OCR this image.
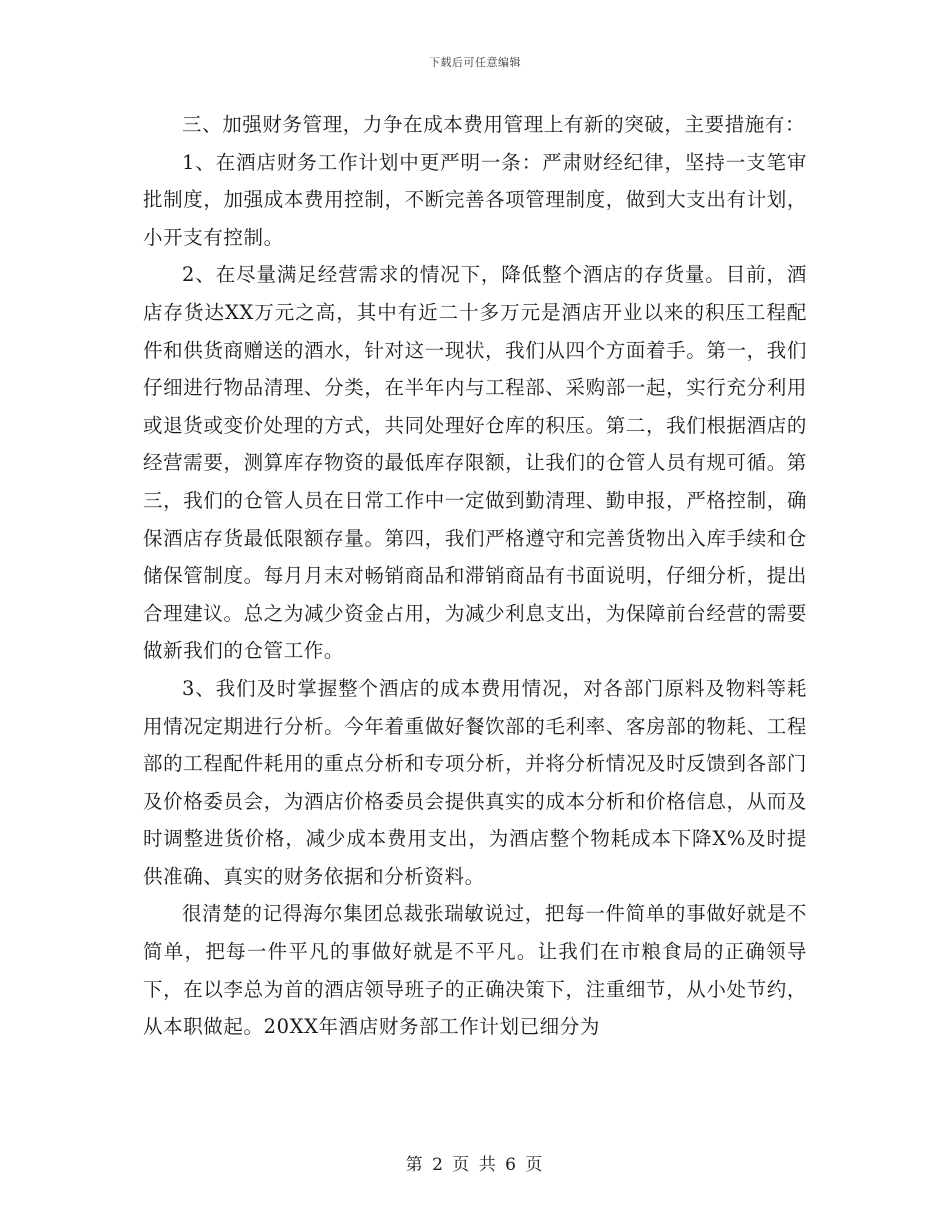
下载后可任意编辑

三、加强财务管理，力争在成本费用管理上有新的突破，主要措施有：

1、在酒店财务工作计划中更严明一条：严肃财经纪律，坚持一支笔审批制度，加强成本费用控制，不断完善各项管理制度，做到大支出有计划，小开支有控制。

2、在尽量满足经营需求的情况下，降低整个酒店的存货量。目前，酒店存货达XX万元之高，其中有近二十多万元是酒店开业以来的积压工程配件和供货商赠送的酒水，针对这一现状，我们从四个方面着手。第一，我们仔细进行物品清理、分类，在半年内与工程部、采购部一起，实行充分利用或退货或变价处理的方式，共同处理好仓库的积压。第二，我们根据酒店的经营需要，测算库存物资的最低库存限额，让我们的仓管人员有规可循。第三，我们的仓管人员在日常工作中一定做到勤清理、勤申报，严格控制，确保酒店存货最低限额存量。第四，我们严格遵守和完善货物出入库手续和仓储保管制度。每月月末对畅销商品和滞销商品有书面说明，仔细分析，提出合理建议。总之为减少资金占用，为减少利息支出，为保障前台经营的需要做新我们的仓管工作。

3、我们及时掌握整个酒店的成本费用情况，对各部门原料及物料等耗用情况定期进行分析。今年着重做好餐饮部的毛利率、客房部的物耗、工程部的工程配件耗用的重点分析和专项分析，并将分析情况及时反馈到各部门及价格委员会，为酒店价格委员会提供真实的成本分析和价格信息，从而及时调整进货价格，减少成本费用支出，为酒店整个物耗成本下降X%及时提供准确、真实的财务依据和分析资料。

很清楚的记得海尔集团总裁张瑞敏说过，把每一件简单的事做好就是不简单，把每一件平凡的事做好就是不平凡。让我们在市粮食局的正确领导下，在以李总为首的酒店领导班子的正确决策下，注重细节，从小处节约，从本职做起。20XX年酒店财务部工作计划已细分为

第 2 页 共 6 页
